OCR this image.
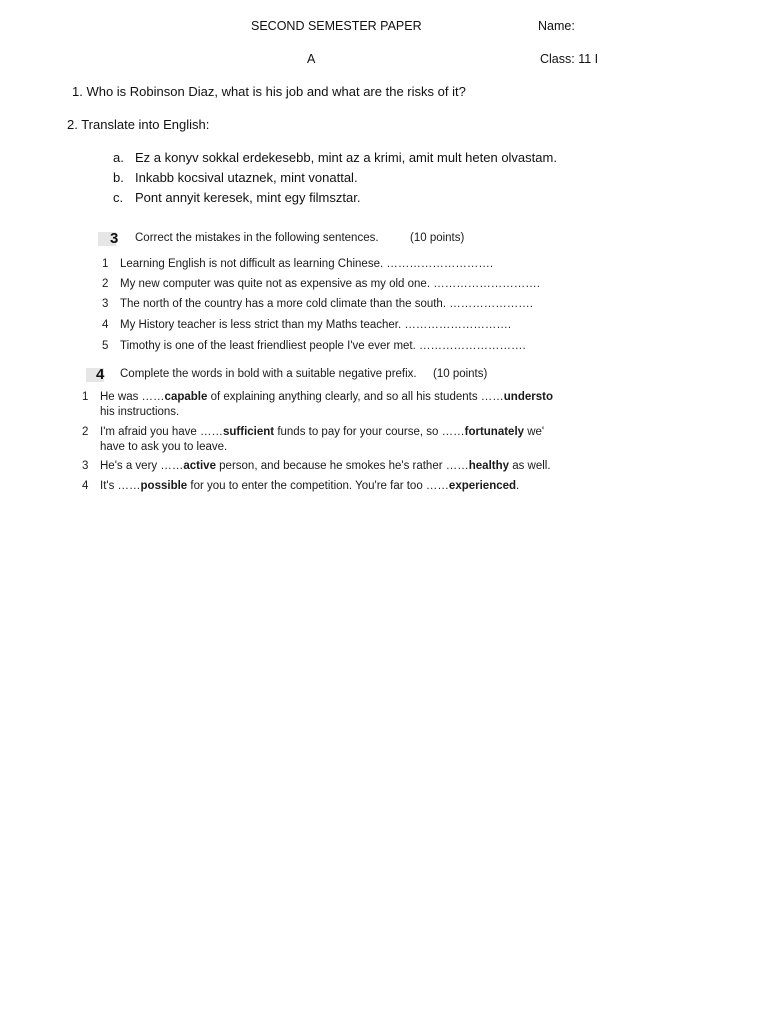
SECOND SEMESTER PAPER	Name:
A	Class: 11 I
1. Who is Robinson Diaz, what is his job and what are the risks of it?
2. Translate into English:
a. Ez a konyv sokkal erdekesebb, mint az a krimi, amit mult heten olvastam.
b. Inkabb kocsival utaznek, mint vonattal.
c. Pont annyit keresek, mint egy filmsztar.
3 Correct the mistakes in the following sentences.	(10 points)
1 Learning English is not difficult as learning Chinese. ……………………….
2 My new computer was quite not as expensive as my old one. ……………………….
3 The north of the country has a more cold climate than the south. ………………….
4 My History teacher is less strict than my Maths teacher. ……………………….
5 Timothy is one of the least friendliest people I've ever met. ……………………….
4 Complete the words in bold with a suitable negative prefix. (10 points)
1 He was ……capable of explaining anything clearly, and so all his students ……understo
his instructions.
2 I'm afraid you have ……sufficient funds to pay for your course, so ……fortunately we'
have to ask you to leave.
3 He's a very ……active person, and because he smokes he's rather ……healthy as well.
4 It's ……possible for you to enter the competition. You're far too ……experienced.
